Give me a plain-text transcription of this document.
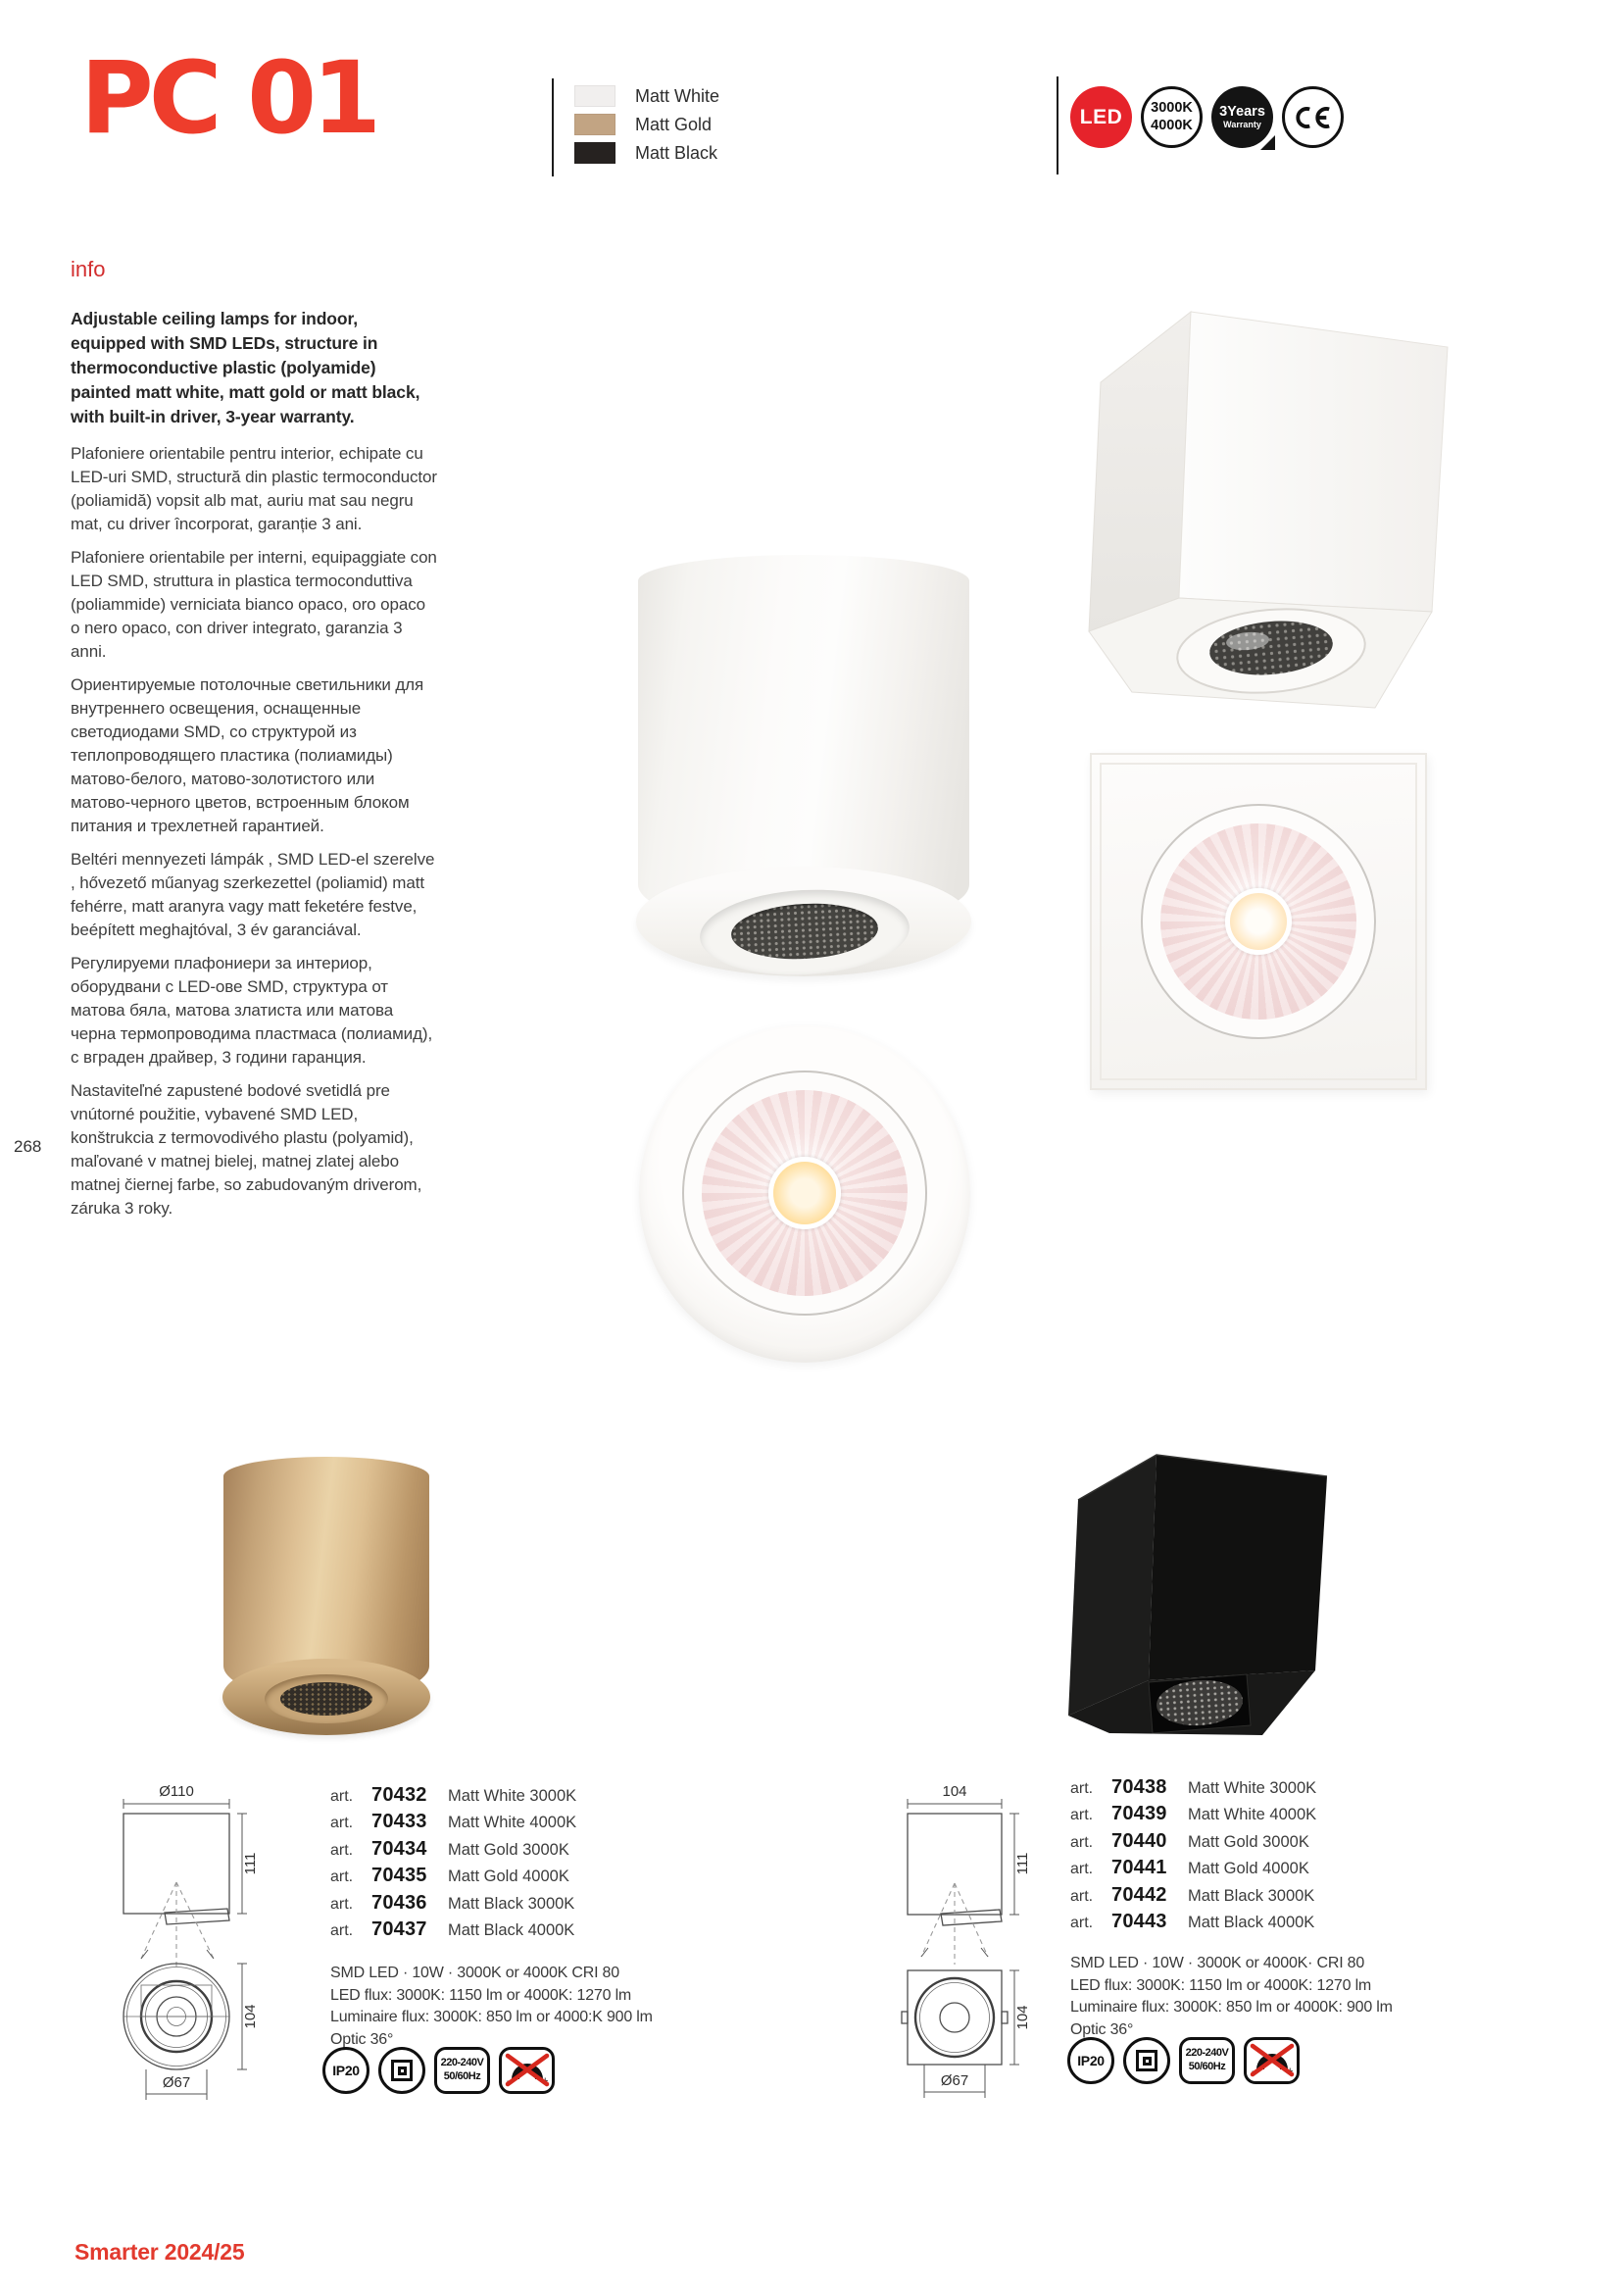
PC 01	Matt White
Matt Gold
Matt Black
LED	3000K
4000K
3Years
Warranty

info

Adjustable ceiling lamps for indoor, equipped with SMD LEDs, structure in thermoconductive plastic (polyamide) painted matt white, matt gold or matt black, with built-in driver, 3-year warranty.

Plafoniere orientabile pentru interior, echipate cu LED-uri SMD, structură din plastic termoconductor (poliamidă) vopsit alb mat, auriu mat sau negru mat, cu driver încorporat, garanție 3 ani.

Plafoniere orientabile per interni, equipaggiate con LED SMD, struttura in plastica termoconduttiva (poliammide) verniciata bianco opaco, oro opaco o nero opaco, con driver integrato, garanzia 3 anni.

Ориентируемые потолочные светильники для внутреннего освещения, оснащенные светодиодами SMD, со структурой из теплопроводящего пластика (полиамиды) матово-белого, матово-золотистого или матово-черного цветов, встроенным блоком питания и трехлетней гарантией.

Beltéri mennyezeti lámpák , SMD LED-el szerelve , hővezető műanyag szerkezettel (poliamid) matt fehérre, matt aranyra vagy matt feketére festve, beépített meghajtóval, 3 év garanciával.

Регулируеми плафониери за интериор, оборудвани с LED-ове SMD, структура от матова бяла, матова златиста или матова черна термопроводима пластмаса (полиамид), с вграден драйвер, 3 години гаранция.

Nastaviteľné zapustené bodové svetidlá pre vnútorné použitie, vybavené SMD LED, konštrukcia z termovodivého plastu (polyamid), maľované v matnej bielej, matnej zlatej alebo matnej čiernej farbe, so zabudovaným driverom, záruka 3 roky.

268
Ø110
111
104
Ø67
104
111
104
Ø67
art. 70432	Matt White 3000K
art. 70433	Matt White 4000K
art. 70434	Matt Gold 3000K
art. 70435	Matt Gold 4000K
art. 70436	Matt Black 3000K
art. 70437	Matt Black 4000K
art. 70438	Matt White 3000K
art. 70439	Matt White 4000K
art. 70440	Matt Gold 3000K
art. 70441	Matt Gold 4000K
art. 70442	Matt Black 3000K
art. 70443	Matt Black 4000K
SMD LED · 10W · 3000K or 4000K CRI 80
LED flux: 3000K: 1150 lm or 4000K: 1270 lm
Luminaire flux: 3000K: 850 lm or 4000:K 900 lm
Optic 36°
SMD LED · 10W · 3000K or 4000K· CRI 80
LED flux: 3000K: 1150 lm or 4000K: 1270 lm
Luminaire flux: 3000K: 850 lm or 4000K: 900 lm
Optic 36°
IP20	220-240V
50/60Hz -	+
IP20	220-240V
50/60Hz -	+
Smarter 2024/25
